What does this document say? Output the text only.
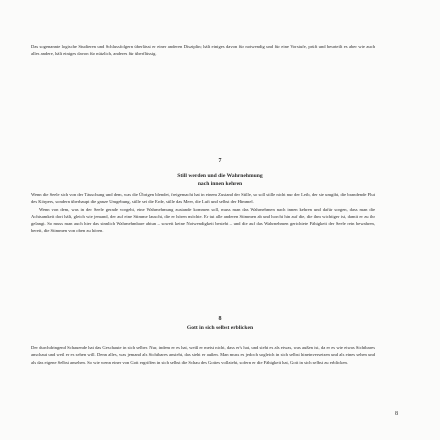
Das sogenannte logische Studieren und Schlussfolgern überlässt er einer anderen Disziplin; hält einiges davon für notwendig und für eine Vorstufe, prüft und beurteilt es aber wie auch alles andere, hält einiges davon für nützlich, anderes für überflüssig.

7
Still werden und die Wahrnehmung
nach innen kehren

Wenn die Seele sich von der Täuschung und dem, was die Übrigen blendet, freigemacht hat in einem Zustand der Stille, so soll stille nicht nur der Leib, der sie umgibt, die brandende Flut des Körpers, sondern überhaupt die ganze Umgebung, stille sei die Erde, stille das Meer, die Luft und selbst der Himmel.

Wenn von dem, was in der Seele gerade vorgeht, eine Wahrnehmung zustande kommen soll, muss man das Wahrnehmen nach innen kehren und dafür sorgen, dass man die Achtsamkeit dort hält, gleich wie jemand, der auf eine Stimme lauscht, die er hören möchte. Er tut alle anderen Stimmen ab und horcht hin auf die, die ihm wichtiger ist, damit er zu ihr gelangt. So muss man auch hier das sinnlich Wahrnehmbare abtun – soweit keine Notwendigkeit besteht – und die auf das Wahrnehmen gerichtete Fähigkeit der Seele rein bewahren, bereit, die Stimmen von oben zu hören.

8
Gott in sich selbst erblicken

Der durchdringend Schauende hat das Geschaute in sich selber. Nur, indem er es hat, weiß er meist nicht, dass er's hat, und sieht es als etwas, was außen ist, da er es wie etwas Sichtbares anschaut und weil er es sehen will. Denn alles, was jemand als Sichtbares ansieht, das sieht er außen. Man muss es jedoch sogleich in sich selbst hineinversetzen und als eines sehen und als das eigene Selbst ansehen. So wie wenn einer von Gott ergriffen in sich selbst die Schau des Gottes vollzieht, sofern er die Fähigkeit hat, Gott in sich selbst zu erblicken.

8
